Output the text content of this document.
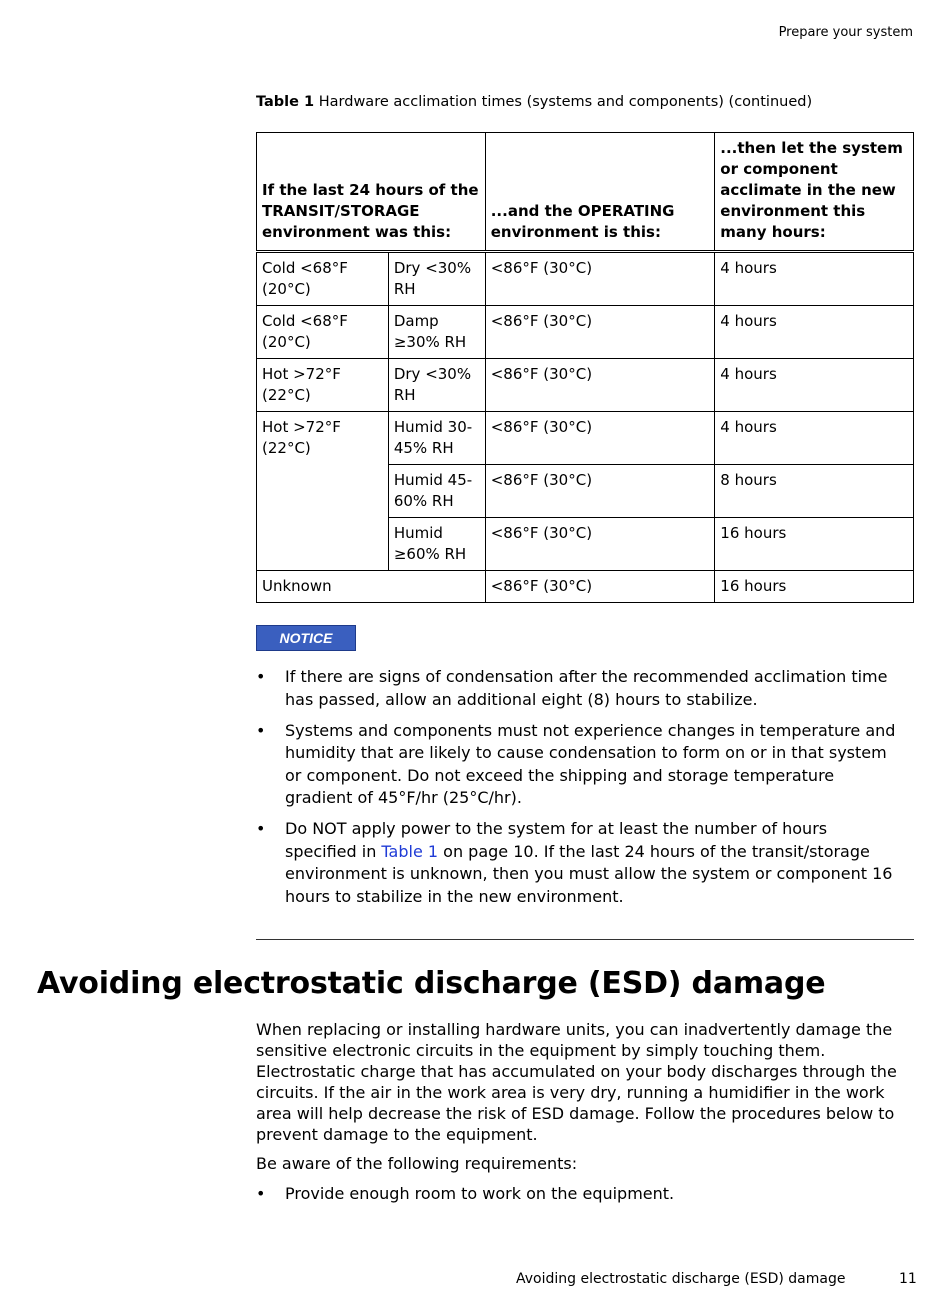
Prepare your system
Table 1 Hardware acclimation times (systems and components) (continued)
If the last 24 hours of the TRANSIT/STORAGE environment was this:		...and the OPERATING environment is this:	...then let the system or component acclimate in the new environment this many hours:
Cold <68°F (20°C)	Dry <30% RH	<86°F (30°C)	4 hours
Cold <68°F (20°C)	Damp ≥30% RH	<86°F (30°C)	4 hours
Hot >72°F (22°C)	Dry <30% RH	<86°F (30°C)	4 hours
Hot >72°F (22°C)	Humid 30-45% RH	<86°F (30°C)	4 hours
	Humid 45-60% RH	<86°F (30°C)	8 hours
	Humid ≥60% RH	<86°F (30°C)	16 hours
Unknown		<86°F (30°C)	16 hours
NOTICE
• If there are signs of condensation after the recommended acclimation time has passed, allow an additional eight (8) hours to stabilize.
• Systems and components must not experience changes in temperature and humidity that are likely to cause condensation to form on or in that system or component. Do not exceed the shipping and storage temperature gradient of 45°F/hr (25°C/hr).
• Do NOT apply power to the system for at least the number of hours specified in Table 1 on page 10. If the last 24 hours of the transit/storage environment is unknown, then you must allow the system or component 16 hours to stabilize in the new environment.
Avoiding electrostatic discharge (ESD) damage

When replacing or installing hardware units, you can inadvertently damage the sensitive electronic circuits in the equipment by simply touching them. Electrostatic charge that has accumulated on your body discharges through the circuits. If the air in the work area is very dry, running a humidifier in the work area will help decrease the risk of ESD damage. Follow the procedures below to prevent damage to the equipment.

Be aware of the following requirements:

• Provide enough room to work on the equipment.
Avoiding electrostatic discharge (ESD) damage	11
